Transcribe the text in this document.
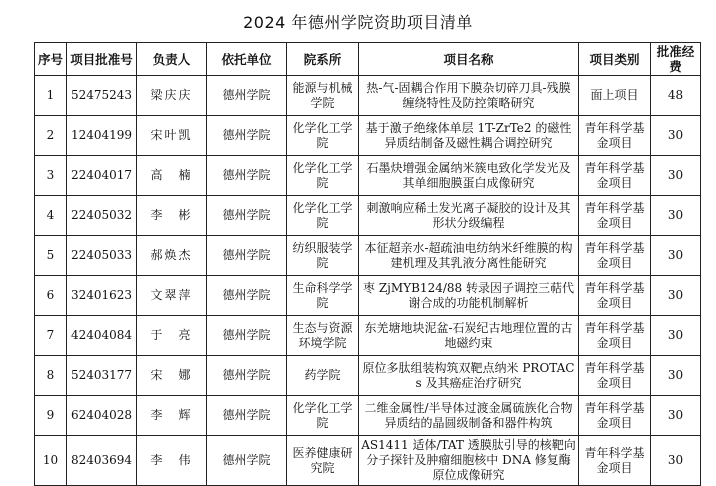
2024 年德州学院资助项目清单
序号	项目批准号	负责人	依托单位	院系所	项目名称	项目类别	批准经费
1	52475243	梁庆庆	德州学院	能源与机械学院	热-气-固耦合作用下膜杂切碎刀具-残膜缠绕特性及防控策略研究	面上项目	48
2	12404199	宋叶凯	德州学院	化学化工学院	基于激子绝缘体单层 1T-ZrTe2 的磁性异质结制备及磁性耦合调控研究	青年科学基金项目	30
3	22404017	高　楠	德州学院	化学化工学院	石墨炔增强金属纳米簇电致化学发光及其单细胞膜蛋白成像研究	青年科学基金项目	30
4	22405032	李　彬	德州学院	化学化工学院	刺激响应稀土发光离子凝胶的设计及其形状分级编程	青年科学基金项目	30
5	22405033	郝焕杰	德州学院	纺织服装学院	本征超亲水-超疏油电纺纳米纤维膜的构建机理及其乳液分离性能研究	青年科学基金项目	30
6	32401623	文翠萍	德州学院	生命科学学院	枣 ZjMYB124/88 转录因子调控三萜代谢合成的功能机制解析	青年科学基金项目	30
7	42404084	于　亮	德州学院	生态与资源环境学院	东羌塘地块泥盆-石炭纪古地理位置的古地磁约束	青年科学基金项目	30
8	52403177	宋　娜	德州学院	药学院	原位多肽组装构筑双靶点纳米 PROTACs 及其癌症治疗研究	青年科学基金项目	30
9	62404028	李　辉	德州学院	化学化工学院	二维金属性/半导体过渡金属硫族化合物异质结的晶圆级制备和器件构筑	青年科学基金项目	30
10	82403694	李　伟	德州学院	医养健康研究院	AS1411 适体/TAT 透膜肽引导的核靶向分子探针及肿瘤细胞核中 DNA 修复酶原位成像研究	青年科学基金项目	30
